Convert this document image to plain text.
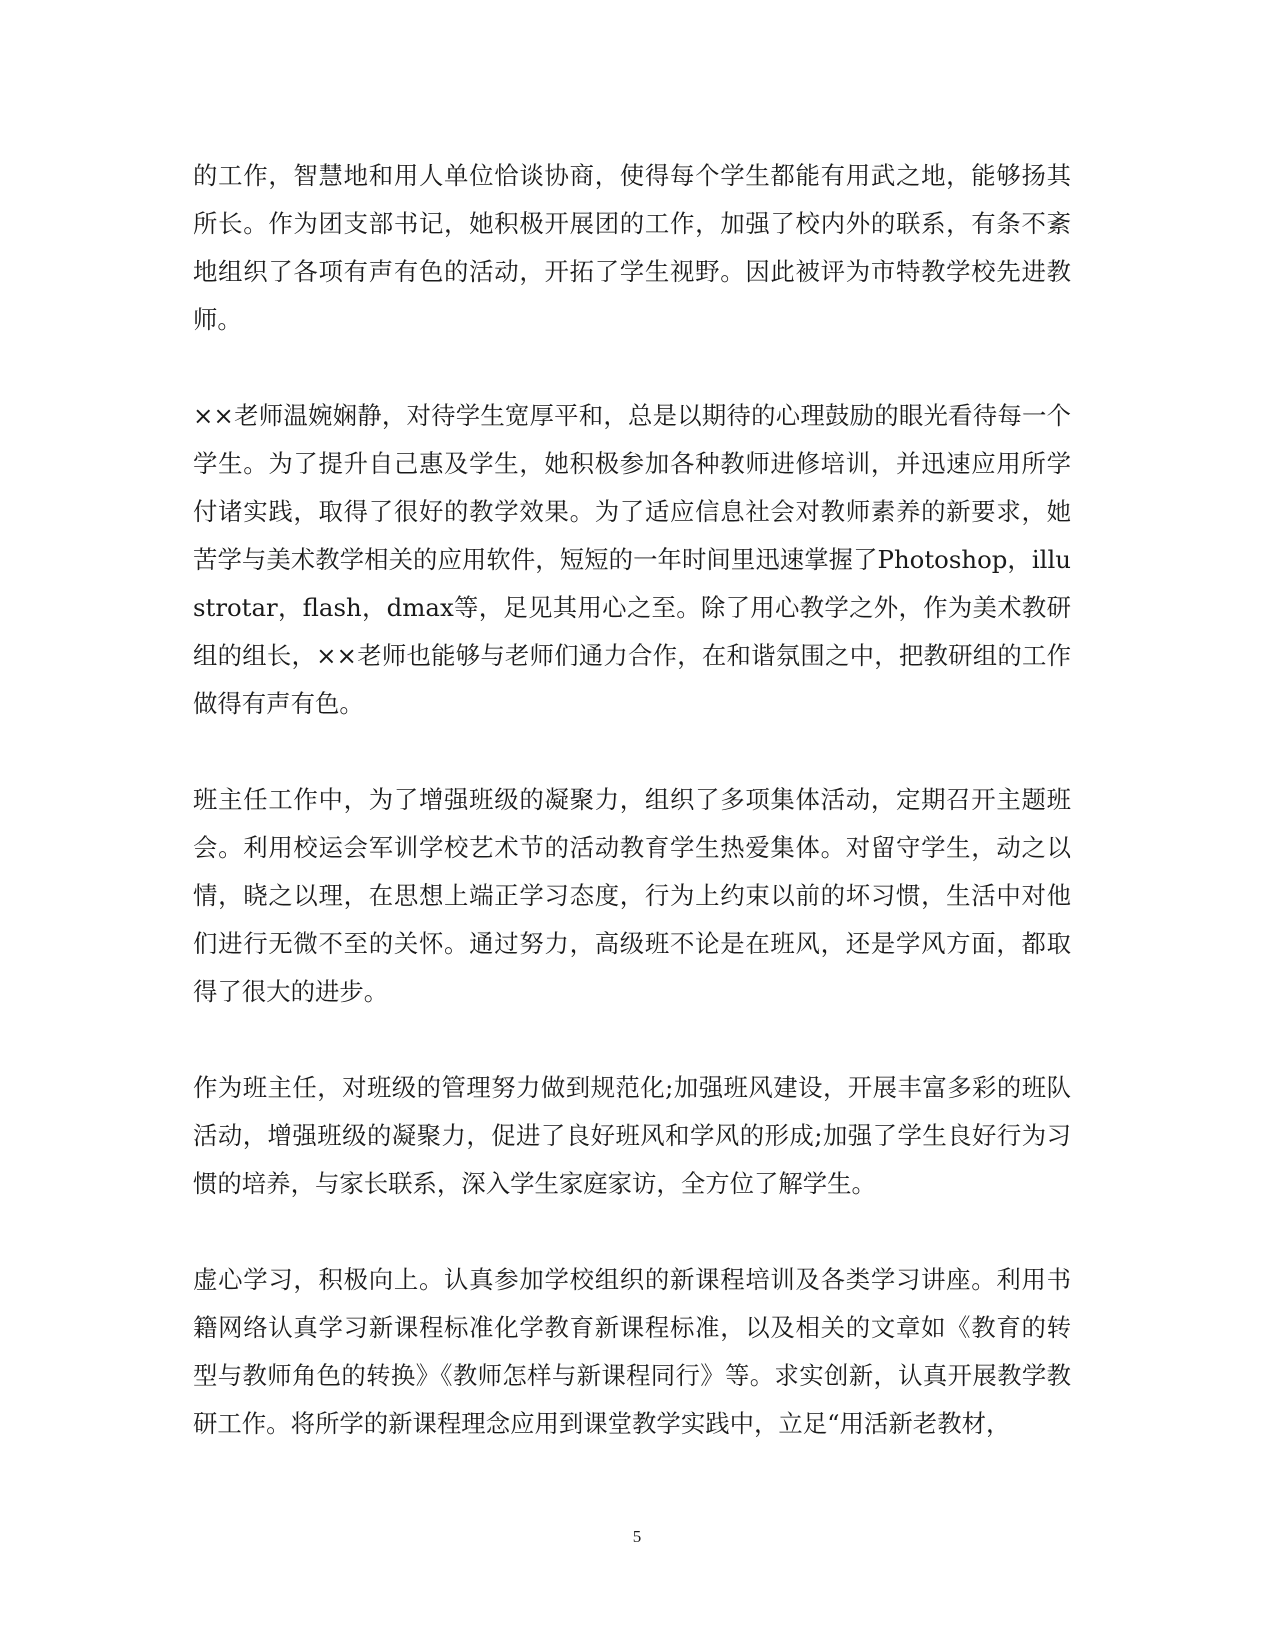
的工作，智慧地和用人单位恰谈协商，使得每个学生都能有用武之地，能够扬其所长。作为团支部书记，她积极开展团的工作，加强了校内外的联系，有条不紊地组织了各项有声有色的活动，开拓了学生视野。因此被评为市特教学校先进教师。

××老师温婉娴静，对待学生宽厚平和，总是以期待的心理鼓励的眼光看待每一个学生。为了提升自己惠及学生，她积极参加各种教师进修培训，并迅速应用所学付诸实践，取得了很好的教学效果。为了适应信息社会对教师素养的新要求，她苦学与美术教学相关的应用软件，短短的一年时间里迅速掌握了Photoshop，illustrotar，flash，dmax等，足见其用心之至。除了用心教学之外，作为美术教研组的组长，××老师也能够与老师们通力合作，在和谐氛围之中，把教研组的工作做得有声有色。

班主任工作中，为了增强班级的凝聚力，组织了多项集体活动，定期召开主题班会。利用校运会军训学校艺术节的活动教育学生热爱集体。对留守学生，动之以情，晓之以理，在思想上端正学习态度，行为上约束以前的坏习惯，生活中对他们进行无微不至的关怀。通过努力，高级班不论是在班风，还是学风方面，都取得了很大的进步。

作为班主任，对班级的管理努力做到规范化;加强班风建设，开展丰富多彩的班队活动，增强班级的凝聚力，促进了良好班风和学风的形成;加强了学生良好行为习惯的培养，与家长联系，深入学生家庭家访，全方位了解学生。

虚心学习，积极向上。认真参加学校组织的新课程培训及各类学习讲座。利用书籍网络认真学习新课程标准化学教育新课程标准，以及相关的文章如《教育的转型与教师角色的转换》《教师怎样与新课程同行》等。求实创新，认真开展教学教研工作。将所学的新课程理念应用到课堂教学实践中，立足“用活新老教材，

5
